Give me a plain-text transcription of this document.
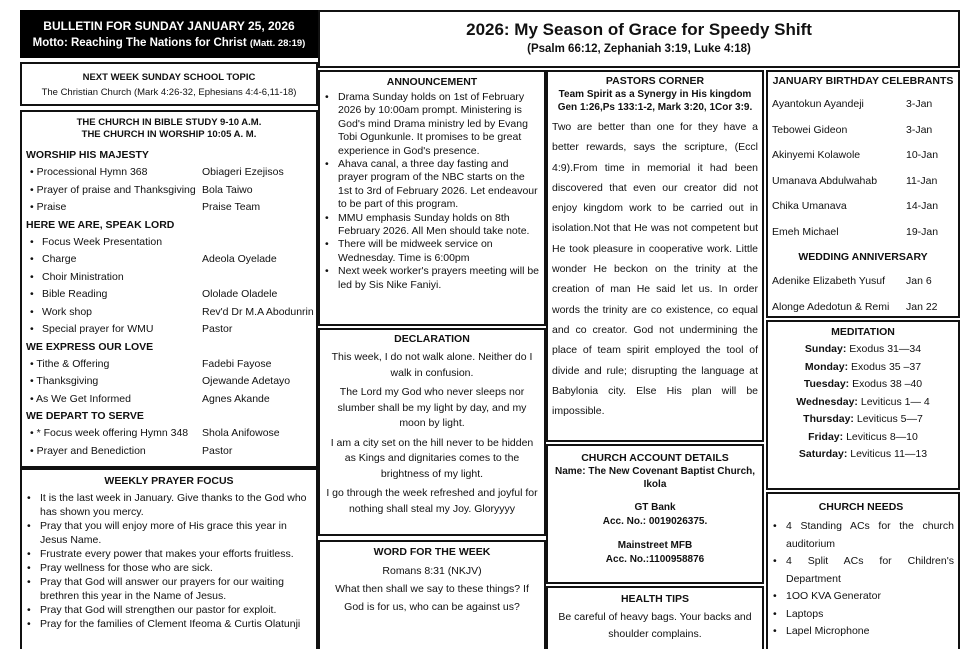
BULLETIN FOR SUNDAY JANUARY 25, 2026
Motto: Reaching The Nations for Christ (Matt. 28:19)
2026: My Season of Grace for Speedy Shift
(Psalm 66:12, Zephaniah 3:19, Luke 4:18)
NEXT WEEK SUNDAY SCHOOL TOPIC
The Christian Church (Mark 4:26-32, Ephesians 4:4-6,11-18)
THE CHURCH IN BIBLE STUDY 9-10 A.M.
THE CHURCH IN WORSHIP 10:05 A. M.
WORSHIP HIS MAJESTY
• Processional Hymn 368	Obiageri Ezejisos
• Prayer of praise and Thanksgiving Bola Taiwo
• Praise	Praise Team
HERE WE ARE, SPEAK LORD
• Focus Week Presentation
• Charge	Adeola Oyelade
• Choir Ministration
• Bible Reading	Ololade Oladele
• Work shop	Rev'd Dr M.A Abodunrin
• Special prayer for WMU	Pastor
WE EXPRESS OUR LOVE
• Tithe & Offering	Fadebi Fayose
• Thanksgiving	Ojewande Adetayo
• As We Get Informed	Agnes Akande
WE DEPART TO SERVE
• * Focus week offering Hymn 348	Shola Anifowose
• Prayer and Benediction	Pastor
WEEKLY PRAYER FOCUS
• It is the last week in January. Give thanks to the God who has shown you mercy.
• Pray that you will enjoy more of His grace this year in Jesus Name.
• Frustrate every power that makes your efforts fruitless.
• Pray wellness for those who are sick.
• Pray that God will answer our prayers for our waiting brethren this year in the Name of Jesus.
• Pray that God will strengthen our pastor for exploit.
• Pray for the families of Clement Ifeoma & Curtis Olatunji
ANNOUNCEMENT
• Drama Sunday holds on 1st of February 2026 by 10:00am prompt. Ministering is God's mind Drama ministry led by Evang Tobi Ogunkunle. It promises to be great experience in God's presence.
• Ahava canal, a three day fasting and prayer program of the NBC starts on the 1st to 3rd of February 2026. Let endeavour to be part of this program.
• MMU emphasis Sunday holds on 8th February 2026. All Men should take note.
• There will be midweek service on Wednesday. Time is 6:00pm
• Next week worker's prayers meeting will be led by Sis Nike Faniyi.
DECLARATION
This week, I do not walk alone. Neither do I walk in confusion.
The Lord my God who never sleeps nor slumber shall be my light by day, and my moon by light.
I am a city set on the hill never to be hidden as Kings and dignitaries comes to the brightness of my light.
I go through the week refreshed and joyful for nothing shall steal my Joy. Gloryyyy
WORD FOR THE WEEK
Romans 8:31 (NKJV)
What then shall we say to these things? If God is for us, who can be against us?
PASTORS CORNER
Team Spirit as a Synergy in His kingdom
Gen 1:26,Ps 133:1-2, Mark 3:20, 1Cor 3:9.
Two are better than one for they have a better rewards, says the scripture, (Eccl 4:9).From time in memorial it had been discovered that even our creator did not enjoy kingdom work to be carried out in isolation.Not that He was not competent but He took pleasure in cooperative work. Little wonder He beckon on the trinity at the creation of man He said let us. In order words the trinity are co existence, co equal and co creator. God not undermining the place of team spirit employed the tool of divide and rule; disrupting the language at Babylonia city. Else His plan will be impossible.
CHURCH ACCOUNT DETAILS
Name: The New Covenant Baptist Church, Ikola
GT Bank
Acc. No.: 0019026375.
Mainstreet MFB
Acc. No.:1100958876
HEALTH TIPS
Be careful of heavy bags. Your backs and shoulder complains.
JANUARY BIRTHDAY CELEBRANTS
Ayantokun Ayandeji	3-Jan
Tebowei Gideon	3-Jan
Akinyemi Kolawole	10-Jan
Umanava Abdulwahab	11-Jan
Chika Umanava	14-Jan
Emeh Michael	19-Jan
WEDDING ANNIVERSARY
Adenike Elizabeth Yusuf Jan 6
Alonge Adedotun & Remi Jan 22
MEDITATION
Sunday: Exodus 31—34
Monday: Exodus 35 –37
Tuesday: Exodus 38 –40
Wednesday: Leviticus 1— 4
Thursday: Leviticus 5—7
Friday: Leviticus 8—10
Saturday: Leviticus 11—13
CHURCH NEEDS
• 4 Standing ACs for the church auditorium
• 4 Split ACs for Children's Department
• 1OO KVA Generator
• Laptops
• Lapel Microphone
